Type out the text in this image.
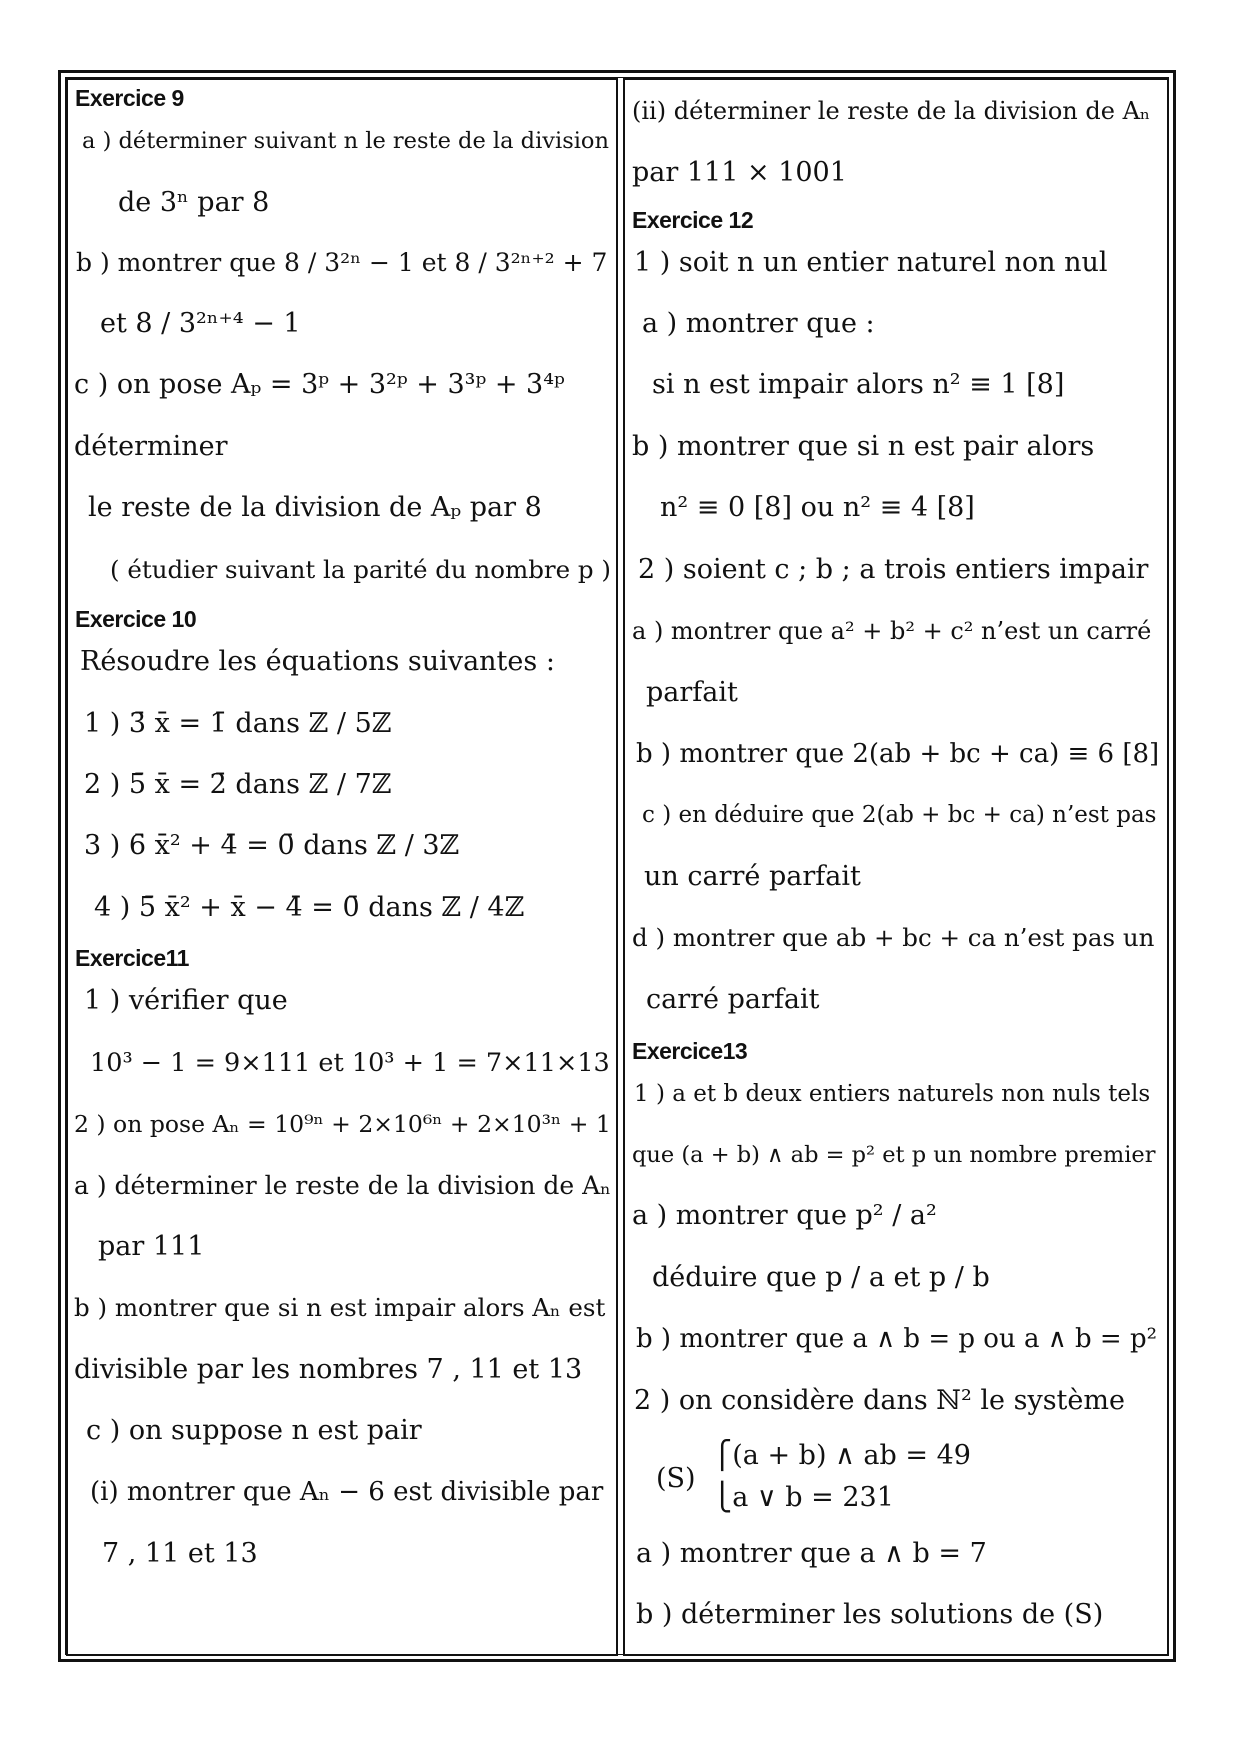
Exercice 9
a ) déterminer suivant n le reste de la division
de 3ⁿ par 8
b ) montrer que 8 / 3²ⁿ − 1 et 8 / 3²ⁿ⁺² + 7
et 8 / 3²ⁿ⁺⁴ − 1
c ) on pose Aₚ = 3ᵖ + 3²ᵖ + 3³ᵖ + 3⁴ᵖ
déterminer
le reste de la division de Aₚ par 8
( étudier suivant la parité du nombre p )
Exercice 10
Résoudre les équations suivantes :
1 ) 3̄ x̄ = 1̄ dans ℤ / 5ℤ
2 ) 5̄ x̄ = 2̄ dans ℤ / 7ℤ
3 ) 6̄ x̄² + 4̄ = 0̄ dans ℤ / 3ℤ
4 ) 5̄ x̄² + x̄ − 4̄ = 0̄ dans ℤ / 4ℤ
Exercice11
1 ) vérifier que
10³ − 1 = 9×111 et 10³ + 1 = 7×11×13
2 ) on pose Aₙ = 10⁹ⁿ + 2×10⁶ⁿ + 2×10³ⁿ + 1
a ) déterminer le reste de la division de Aₙ
par 111
b ) montrer que si n est impair alors Aₙ est
divisible par les nombres 7 , 11 et 13
c ) on suppose n est pair
(i) montrer que Aₙ − 6 est divisible par
7 , 11 et 13
(ii) déterminer le reste de la division de Aₙ
par 111 × 1001
Exercice 12
1 ) soit n un entier naturel non nul
a ) montrer que :
si n est impair alors n² ≡ 1 [8]
b ) montrer que si n est pair alors
n² ≡ 0 [8] ou n² ≡ 4 [8]
2 ) soient c ; b ; a trois entiers impair
a ) montrer que a² + b² + c² n’est un carré
parfait
b ) montrer que 2(ab + bc + ca) ≡ 6 [8]
c ) en déduire que 2(ab + bc + ca) n’est pas
un carré parfait
d ) montrer que ab + bc + ca n’est pas un
carré parfait
Exercice13
1 ) a et b deux entiers naturels non nuls tels
que (a + b) ∧ ab = p² et p un nombre premier
a ) montrer que p² / a²
déduire que p / a et p / b
b ) montrer que a ∧ b = p ou a ∧ b = p²
2 ) on considère dans ℕ² le système
(S)
⎧(a + b) ∧ ab = 49
⎩a ∨ b = 231
a ) montrer que a ∧ b = 7
b ) déterminer les solutions de (S)
